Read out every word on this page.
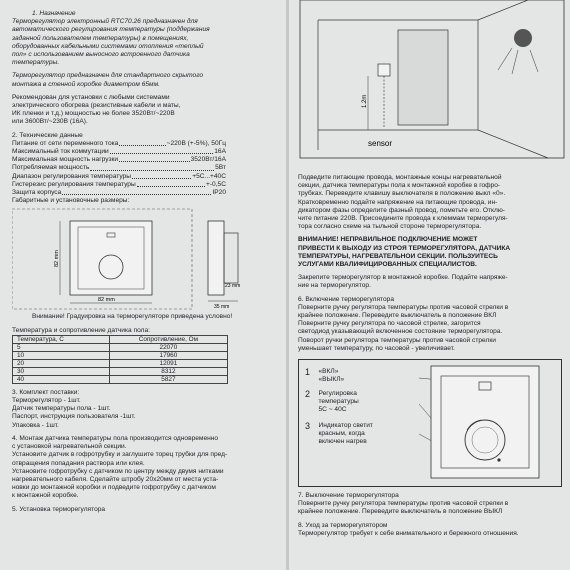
1. Назначение
Терморегулятор электронный RTC70.26 предназначен для
автоматического регулирования температуры (поддержания
заданной пользователем температуры) в помещениях,
оборудованных кабельными системами отопления «теплый
пол» с использованием выносного встроенного датчика
температуры.
Терморегулятор предназначен для стандартного скрытого
монтажа в стенной коробке диаметром 65мм.
Рекомендован для установки с любыми системами
электрического обогрева (резистивные кабели и маты,
ИК пленки и т.д.) мощностью не более 3520Вт/~220В
или 3600Вт/~230В (16А).
2. Технические данные
Питание от сети переменного тока	~220В (+-5%), 50Гц
Максимальный ток коммутации	16А
Максимальная мощность нагрузки	3520Вт/16А
Потребляемая мощность	5Вт
Диапазон регулирования температуры	+5С...+40С
Гистерезис регулирования температуры	+-0,5С
Защита корпуса	IP20
Габаритные и установочные размеры:
82 mm
82 mm
23 mm
35 mm
Внимание! Градуировка на терморегуляторе приведена условно!
Температура и сопротивление датчика пола:
Температура, С	Сопротивление, Ом
5	22070
10	17960
20	12091
30	8312
40	5827
3. Комплект поставки:
Терморегулятор - 1шт.
Датчик температуры пола - 1шт.
Паспорт, инструкция пользователя -1шт.
Упаковка - 1шт.
4. Монтаж датчика температуры пола производится одновременно
с установкой нагревательной секции.
Установите датчик в гофротрубку и заглушите торец трубки для пред-
отвращения попадания раствора или клея.
Установите гофротрубку с датчиком по центру между двумя нитками
нагревательного кабеля. Сделайте штробу 20х20мм от места уста-
новки до монтажной коробки и подведите гофротрубку с датчиком
к монтажной коробке.
5. Установка терморегулятора
1.2m
sensor
Подведите питающие провода, монтажные концы нагревательной
секции, датчика температуры пола к монтажной коробке в гофро-
трубках. Переведите клавишу выключателя в положение выкл «0».
Кратковременно подайте напряжение на питающие провода, ин-
дикатором фазы определите фазный провод, пометьте его. Отклю-
чите питание 220В. Присоедините провода к клеммам терморегуля-
тора согласно схеме на тыльной стороне терморегулятора.
ВНИМАНИЕ! НЕПРАВИЛЬНОЕ ПОДКЛЮЧЕНИЕ МОЖЕТ
ПРИВЕСТИ К ВЫХОДУ ИЗ СТРОЯ ТЕРМОРЕГУЛЯТОРА, ДАТЧИКА
ТЕМПЕРАТУРЫ, НАГРЕВАТЕЛЬНОЙ СЕКЦИИ. ПОЛЬЗУЙТЕСЬ
УСЛУГАМИ КВАЛИФИЦИРОВАННЫХ СПЕЦИАЛИСТОВ.
Закрепите терморегулятор в монтажной коробке. Подайте напряже-
ние на терморегулятор.
6. Включение терморегулятора
Поверните ручку регулятора температуры против часовой стрелки в
крайнее положение. Переведите выключатель в положение ВКЛ
Поверните ручку регулятора по часовой стрелке, загорится
светодиод указывающий включенное состояние терморегулятора.
Поворот ручки регулятора температуры против часовой стрелки
уменьшает температуру, по часовой - увеличивает.
1 «ВКЛ»
«ВЫКЛ»
2 Регулировка
температуры
5С ~ 40С
3 Индикатор светит
красным, когда
включен нагрев
7. Выключение терморегулятора
Поверните ручку регулятора температуры против часовой стрелки в
крайнее положение. Переведите выключатель в положение ВЫКЛ
8. Уход за терморегулятором
Терморегулятор требует к себе внимательного и бережного отношения.
